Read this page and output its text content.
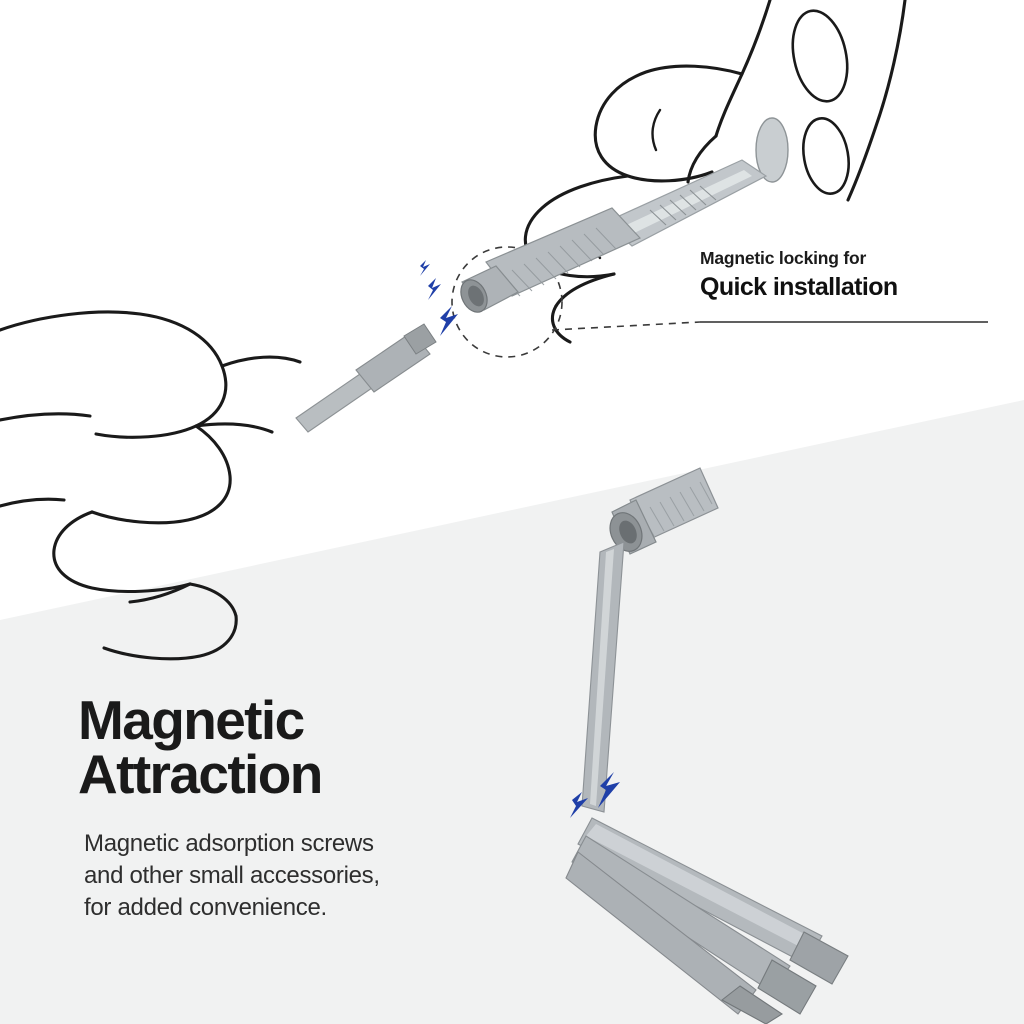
Magnetic locking for
Quick installation
Magnetic
Attraction

Magnetic adsorption screws
and other small accessories,
for added convenience.
